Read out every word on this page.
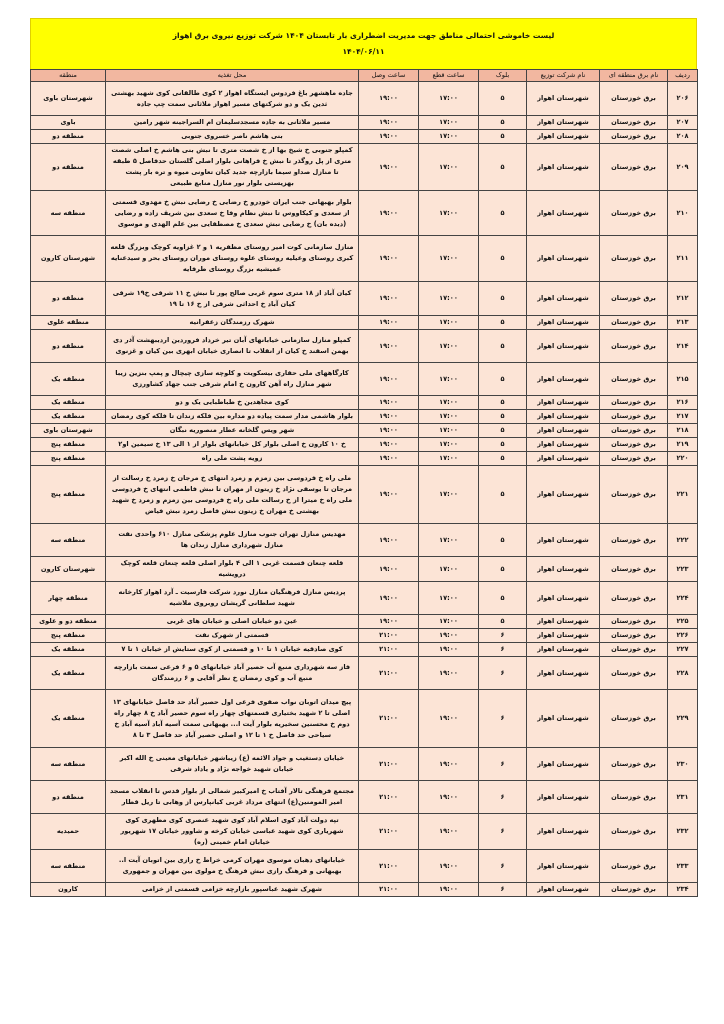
لیست خاموشی احتمالی مناطق جهت مدیریت اضطراری بار تابستان ۱۴۰۴ شرکت توزیع نیروی برق اهواز
۱۴۰۴/۰۶/۱۱
ردیف	نام برق منطقه ای	نام شرکت توزیع	بلوک	ساعت قطع	ساعت وصل	محل تغذیه	منطقه
۲۰۶	برق خوزستان	شهرستان اهواز	۵	۱۷:۰۰	۱۹:۰۰	جاده ماهشهر باغ فردوس ایستگاه اهواز ۲ کوی طالقانی کوی شهید بهشتی ثدین یک و دو شرکتهای مسیر اهواز ملاثانی سمت چپ جاده	شهرستان باوی
۲۰۷	برق خوزستان	شهرستان اهواز	۵	۱۷:۰۰	۱۹:۰۰	مسیر ملاثانی به جاده مسجدسلیمان ام السراجینه شهر رامین	باوی
۲۰۸	برق خوزستان	شهرستان اهواز	۵	۱۷:۰۰	۱۹:۰۰	بنی هاشم ناصر خسروی جنوبی	منطقه دو
۲۰۹	برق خوزستان	شهرستان اهواز	۵	۱۷:۰۰	۱۹:۰۰	کمپلو جنوبی خ شیخ بها از خ شصت متری تا نبش بنی هاشم خ اصلی شصت متری از پل روگذر تا نبش خ فراهانی بلوار اصلی گلستان حدفاصل ۵ طبقه تا منازل صداو سیما بازارچه جدید کیان تعاونی میوه و تره بار پشت بهزیستی بلوار نور منازل منابع طبیعی	منطقه دو
۲۱۰	برق خوزستان	شهرستان اهواز	۵	۱۷:۰۰	۱۹:۰۰	بلوار بهبهانی جنب ایران خودرو خ رضایی خ رضایی نبش خ مهدوی قسمتی از سعدی و کیکاووس تا نبش نظام وفا خ سعدی بین شریف زاده و رضایی (دیده بان) خ رضایی نبش سعدی خ مصطفایی بین علم الهدی و موسوی	منطقه سه
۲۱۱	برق خوزستان	شهرستان اهواز	۵	۱۷:۰۰	۱۹:۰۰	منازل سازمانی کوت امیر روستای مظفریه ۱ و ۲ غزاویه کوچک وبزرگ قلعه کبری روستای وعیلیه روستای علوه روستای موران روستای بحر و سیدعنایه عمیشیه بزرگ روستای طرفایه	شهرستان کارون
۲۱۲	برق خوزستان	شهرستان اهواز	۵	۱۷:۰۰	۱۹:۰۰	کیان آباد از ۱۸ متری سوم غربی صالح پور تا نبش خ ۱۱ شرقی خ۱۹ شرقی کیان آباد خ احداثی شرقی از خ ۱۶ تا ۱۹	منطقه دو
۲۱۳	برق خوزستان	شهرستان اهواز	۵	۱۷:۰۰	۱۹:۰۰	شهرک رزمندگان زعفرانیه	منطقه علوی
۲۱۴	برق خوزستان	شهرستان اهواز	۵	۱۷:۰۰	۱۹:۰۰	کمپلو منازل سازمانی خیابانهای آبان تیر خرداد فروردین اردیبهشت آذر دی بهمن اسفند خ کیان از انقلاب تا انصاری خیابان ابهری بین کیان و غزنوی	منطقه دو
۲۱۵	برق خوزستان	شهرستان اهواز	۵	۱۷:۰۰	۱۹:۰۰	کارگاههای ملی حفاری بیسکویت و کلوچه سازی چیچال و پمپ بنزین زیبا شهر منازل راه آهن کارون خ امام شرقی جنب جهاد کشاورزی	منطقه یک
۲۱۶	برق خوزستان	شهرستان اهواز	۵	۱۷:۰۰	۱۹:۰۰	کوی مجاهدین خ طباطبایی یک و دو	منطقه یک
۲۱۷	برق خوزستان	شهرستان اهواز	۵	۱۷:۰۰	۱۹:۰۰	بلوار هاشمی مدار سمت پیاده دو مداره بین فلکه زندان تا فلکه کوی رمضان	منطقه یک
۲۱۸	برق خوزستان	شهرستان اهواز	۵	۱۷:۰۰	۱۹:۰۰	شهر ویس گلخانه عطار منصوریه نبگان	شهرستان باوی
۲۱۹	برق خوزستان	شهرستان اهواز	۵	۱۷:۰۰	۱۹:۰۰	خ ۱۰ کارون خ اصلی بلوار کل خیابانهای بلوار از ۱ الی ۱۳ خ سیمین او۲	منطقه پنج
۲۲۰	برق خوزستان	شهرستان اهواز	۵	۱۷:۰۰	۱۹:۰۰	زویه پشت ملی راه	منطقه پنج
۲۲۱	برق خوزستان	شهرستان اهواز	۵	۱۷:۰۰	۱۹:۰۰	ملی راه خ فردوسی بین زمزم و زمرد انتهای خ مرجان خ زمرد خ رسالت از مرجان تا یوسفی نژاد خ زیتون از مهران تا نبش فاطمی انتهای خ فردوسی ملی راه خ میترا از خ رسالت ملی راه خ فردوسی بین زمزم و زمرد خ شهید بهشتی خ مهران خ زیتون نبش فاصل زمرد نبش فیاض	منطقه پنج
۲۲۲	برق خوزستان	شهرستان اهواز	۵	۱۷:۰۰	۱۹:۰۰	مهدیس منازل تهران جنوب منازل علوم پزشکی منازل ۶۱۰ واحدی نفت منازل شهرداری منازل زندان ها	منطقه سه
۲۲۳	برق خوزستان	شهرستان اهواز	۵	۱۷:۰۰	۱۹:۰۰	قلعه چنعان قسمت غربی ۱ الی ۴ بلوار اصلی قلعه چنعان قلعه کوچک درویشیه	شهرستان کارون
۲۲۴	برق خوزستان	شهرستان اهواز	۵	۱۷:۰۰	۱۹:۰۰	پردیس منازل فرهنگیان منازل نورد شرکت فارسیت ـ آرد اهواز کارخانه شهید سلطانی گریشان روبروی ملاشیه	منطقه چهار
۲۲۵	برق خوزستان	شهرستان اهواز	۵	۱۷:۰۰	۱۹:۰۰	عین دو خیابان اصلی و خیابان های غربی	منطقه دو و علوی
۲۲۶	برق خوزستان	شهرستان اهواز	۶	۱۹:۰۰	۲۱:۰۰	قسمتی از شهرک نفت	منطقه پنج
۲۲۷	برق خوزستان	شهرستان اهواز	۶	۱۹:۰۰	۲۱:۰۰	کوی صادقیه خیابان ۱ تا ۱۰ و قسمتی از کوی ستایش از خیابان ۱ تا ۷	منطقه یک
۲۲۸	برق خوزستان	شهرستان اهواز	۶	۱۹:۰۰	۲۱:۰۰	فاز سه شهرداری منبع آب حصیر آباد خیابانهای ۵ و ۶ فرعی سمت بازارچه منبع آب و کوی رمضان خ نظر آقایی و ۶ رزمندگان	منطقه یک
۲۲۹	برق خوزستان	شهرستان اهواز	۶	۱۹:۰۰	۲۱:۰۰	پیچ میدان اتوبان نواب صفوی فرعی اول حصیر آباد حد فاصل خیابانهای ۱۳ اصلی تا ۲ شهید بختیاری قسمتهای چهار راه سوم حصیر آباد خ ۸ چهار راه دوم خ محسنین سخیریه بلوار آیت ا... بهبهانی سمت آسیه آباد آسیه آباد خ سیاحی حد فاصل خ ۱ تا ۱۲ و اصلی حصیر آباد حد فاصل ۳ تا ۸	منطقه یک
۲۳۰	برق خوزستان	شهرستان اهواز	۶	۱۹:۰۰	۲۱:۰۰	خیابان دستغیب و جواد الائمه (ع) زیباشهر خیابانهای معینی خ الله اکبر خیابان شهید خواجه نژاد و یاداد شرقی	منطقه سه
۲۳۱	برق خوزستان	شهرستان اهواز	۶	۱۹:۰۰	۲۱:۰۰	مجتمع فرهنگی تالار آفتاب خ امیرکبیر شمالی از بلوار قدس تا انقلاب مسجد امیر المومنین(ع) انتهای مرداد غربی کیانپارس از وهابی تا ریل قطار	منطقه دو
۲۳۲	برق خوزستان	شهرستان اهواز	۶	۱۹:۰۰	۲۱:۰۰	تپه دولت آباد کوی اسلام آباد کوی شهید عنصری کوی مطهری کوی شهریاری کوی شهید عباسی خیابان کرخه و شاوور خیابان ۱۷ شهریور خیابان امام خمینی (ره)	حمیدیه
۲۳۳	برق خوزستان	شهرستان اهواز	۶	۱۹:۰۰	۲۱:۰۰	خیابانهای دهبان موسوی مهران کرمی خراط خ رازی بین اتوبان آیت ا.. بهبهانی و فرهنگ رازی نبش فرهنگ خ مولوی بین مهران و جمهوری	منطقه سه
۲۳۴	برق خوزستان	شهرستان اهواز	۶	۱۹:۰۰	۲۱:۰۰	شهرک شهید عباسپور بازارچه خزامی قسمتی از خزامی	کارون
